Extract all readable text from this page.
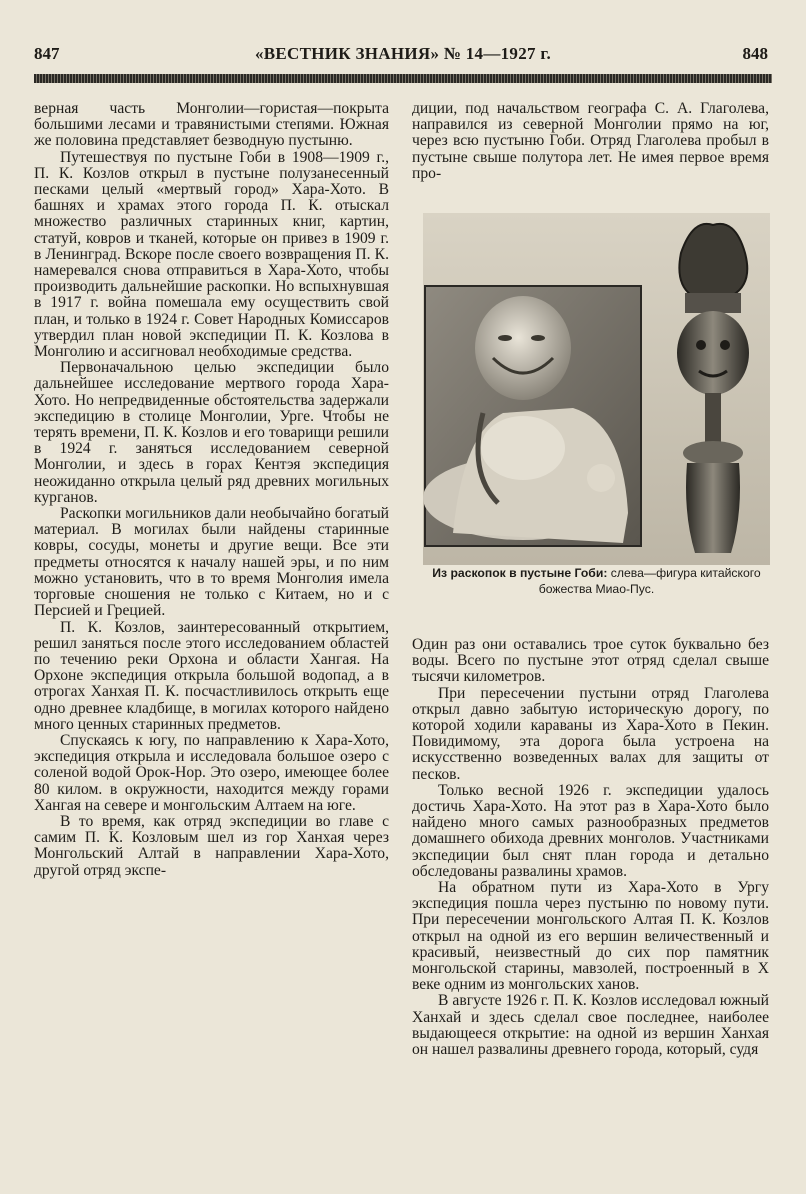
847	«ВЕСТНИК ЗНАНИЯ» № 14—1927 г.	848

верная часть Монголии—гористая—покрыта большими лесами и травянистыми степями. Южная же половина представляет безводную пустыню.

Путешествуя по пустыне Гоби в 1908—1909 г., П. К. Козлов открыл в пустыне полузанесенный песками целый «мертвый город» Хара-Хото. В башнях и храмах этого города П. К. отыскал множество различных старинных книг, картин, статуй, ковров и тканей, которые он привез в 1909 г. в Ленинград. Вскоре после своего возвращения П. К. намеревался снова отправиться в Хара-Хото, чтобы производить дальнейшие раскопки. Но вспыхнувшая в 1917 г. война помешала ему осуществить свой план, и только в 1924 г. Совет Народных Комиссаров утвердил план новой экспедиции П. К. Козлова в Монголию и ассигновал необходимые средства.

Первоначальною целью экспедиции было дальнейшее исследование мертвого города Хара-Хото. Но непредвиденные обстоятельства задержали экспедицию в столице Монголии, Урге. Чтобы не терять времени, П. К. Козлов и его товарищи решили в 1924 г. заняться исследованием северной Монголии, и здесь в горах Кентэя экспедиция неожиданно открыла целый ряд древних могильных курганов.

Раскопки могильников дали необычайно богатый материал. В могилах были найдены старинные ковры, сосуды, монеты и другие вещи. Все эти предметы относятся к началу нашей эры, и по ним можно установить, что в то время Монголия имела торговые сношения не только с Китаем, но и с Персией и Грецией.

П. К. Козлов, заинтересованный открытием, решил заняться после этого исследованием областей по течению реки Орхона и области Хангая. На Орхоне экспедиция открыла большой водопад, а в отрогах Ханхая П. К. посчастливилось открыть еще одно древнее кладбище, в могилах которого найдено много ценных старинных предметов.

Спускаясь к югу, по направлению к Хара-Хото, экспедиция открыла и исследовала большое озеро с соленой водой Орок-Нор. Это озеро, имеющее более 80 килом. в окружности, находится между горами Хангая на севере и монгольским Алтаем на юге.

В то время, как отряд экспедиции во главе с самим П. К. Козловым шел из гор Ханхая через Монгольский Алтай в направлении Хара-Хото, другой отряд экспе-

диции, под начальством географа С. А. Глаголева, направился из северной Монголии прямо на юг, через всю пустыню Гоби. Отряд Глаголева пробыл в пустыне свыше полутора лет. Не имея первое время про-

Из раскопок в пустыне Гоби: слева—фигура китайского божества Миао-Пус.

Один раз они оставались трое суток буквально без воды. Всего по пустыне этот отряд сделал свыше тысячи километров.

При пересечении пустыни отряд Глаголева открыл давно забытую историческую дорогу, по которой ходили караваны из Хара-Хото в Пекин. Повидимому, эта дорога была устроена на искусственно возведенных валах для защиты от песков.

Только весной 1926 г. экспедиции удалось достичь Хара-Хото. На этот раз в Хара-Хото было найдено много самых разнообразных предметов домашнего обихода древних монголов. Участниками экспедиции был снят план города и детально обследованы развалины храмов.

На обратном пути из Хара-Хото в Ургу экспедиция пошла через пустыню по новому пути. При пересечении монгольского Алтая П. К. Козлов открыл на одной из его вершин величественный и красивый, неизвестный до сих пор памятник монгольской старины, мавзолей, построенный в X веке одним из монгольских ханов.

В августе 1926 г. П. К. Козлов исследовал южный Ханхай и здесь сделал свое последнее, наиболее выдающееся открытие: на одной из вершин Ханхая он нашел развалины древнего города, который, судя
